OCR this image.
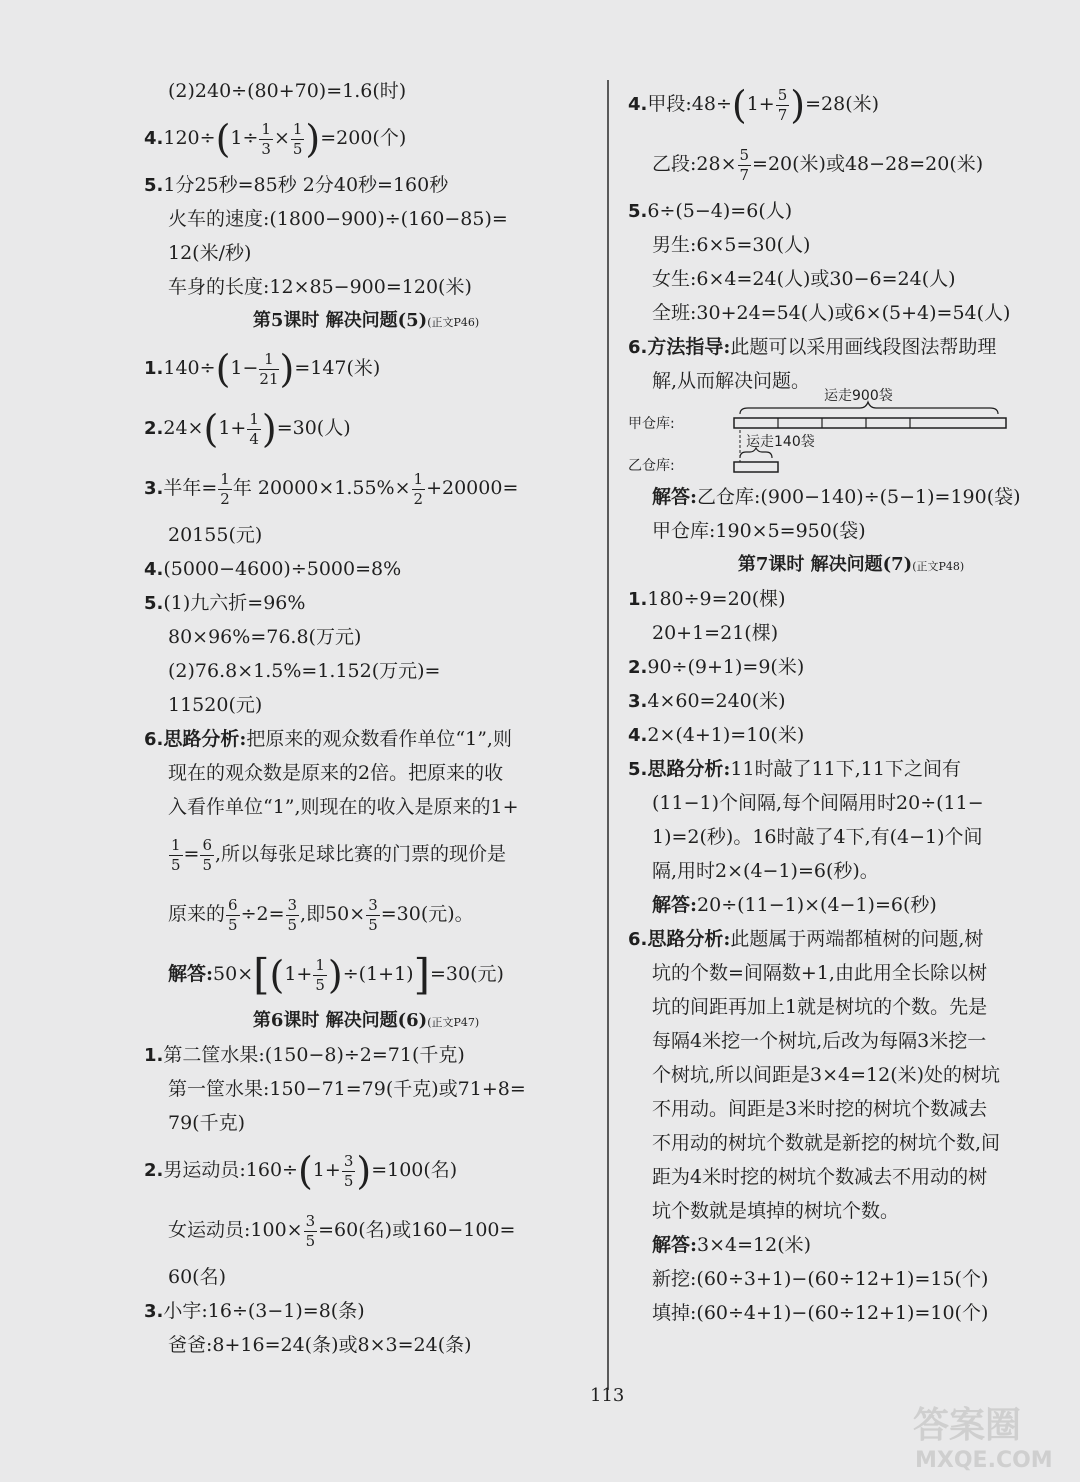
(2)240÷(80+70)=1.6(时)
$4.120\div(1\div \frac{1}{3} \times \frac{1}{5} )=200$(个)
5.1分25秒=85秒 2分40秒=160秒
火车的速度:(1800−900)÷(160−85)=
12(米/秒)
车身的长度:12×85−900=120(米)
第5课时 解决问题(5)(正文P46)
$1.140\div(1- \frac{1}{21} )=147$(米)
$2.24\times(1+ \frac{1}{4} )=30$(人)
3.半年= $\frac{1}{2}$ 年 $20000\times 1.55\%\times \frac{1}{2} +20000=$
20155(元)
4.(5000−4600)÷5000=8%
5.(1)九六折=96%
80×96%=76.8(万元)
(2)76.8×1.5%=1.152(万元)=
11520(元)
6.思路分析:把原来的观众数看作单位“1”,则
现在的观众数是原来的2倍。把原来的收
入看作单位“1”,则现在的收入是原来的1+
$\frac{1}{5} = \frac{6}{5}$ ,所以每张足球比赛的门票的现价是
原来的 $\frac{6}{5} \div 2= \frac{3}{5}$ ,即$50\times \frac{3}{5} =30$(元)。
解答:50×[(1+ $\frac{1}{5} )\div(1+1)]=30$(元)
第6课时 解决问题(6)(正文P47)
1.第二筐水果:(150−8)÷2=71(千克)
第一筐水果:150−71=79(千克)或71+8=
79(千克)
2.男运动员:160÷(1+ $\frac{3}{5} )=100$(名)
女运动员:100× $\frac{3}{5} =60$(名)或160−100=
60(名)
3.小宇:16÷(3−1)=8(条)
爸爸:8+16=24(条)或8×3=24(条)
4.甲段:48÷(1+ $\frac{5}{7} )=28$(米)
乙段:28× $\frac{5}{7} =20$(米)或48−28=20(米)
5.6÷(5−4)=6(人)
男生:6×5=30(人)
女生:6×4=24(人)或30−6=24(人)
全班:30+24=54(人)或6×(5+4)=54(人)
6.方法指导:此题可以采用画线段图法帮助理
解,从而解决问题。
甲仓库:
乙仓库:
运走900袋
运走140袋
解答:乙仓库:(900−140)÷(5−1)=190(袋)
甲仓库:190×5=950(袋)
第7课时 解决问题(7)(正文P48)
1.180÷9=20(棵)
20+1=21(棵)
2.90÷(9+1)=9(米)
3.4×60=240(米)
4.2×(4+1)=10(米)
5.思路分析:11时敲了11下,11下之间有
(11−1)个间隔,每个间隔用时20÷(11−
1)=2(秒)。16时敲了4下,有(4−1)个间
隔,用时2×(4−1)=6(秒)。
解答:20÷(11−1)×(4−1)=6(秒)
6.思路分析:此题属于两端都植树的问题,树
坑的个数=间隔数+1,由此用全长除以树
坑的间距再加上1就是树坑的个数。先是
每隔4米挖一个树坑,后改为每隔3米挖一
个树坑,所以间距是3×4=12(米)处的树坑
不用动。间距是3米时挖的树坑个数减去
不用动的树坑个数就是新挖的树坑个数,间
距为4米时挖的树坑个数减去不用动的树
坑个数就是填掉的树坑个数。
解答:3×4=12(米)
新挖:(60÷3+1)−(60÷12+1)=15(个)
填掉:(60÷4+1)−(60÷12+1)=10(个)
113
答案圈
MXQE.COM
